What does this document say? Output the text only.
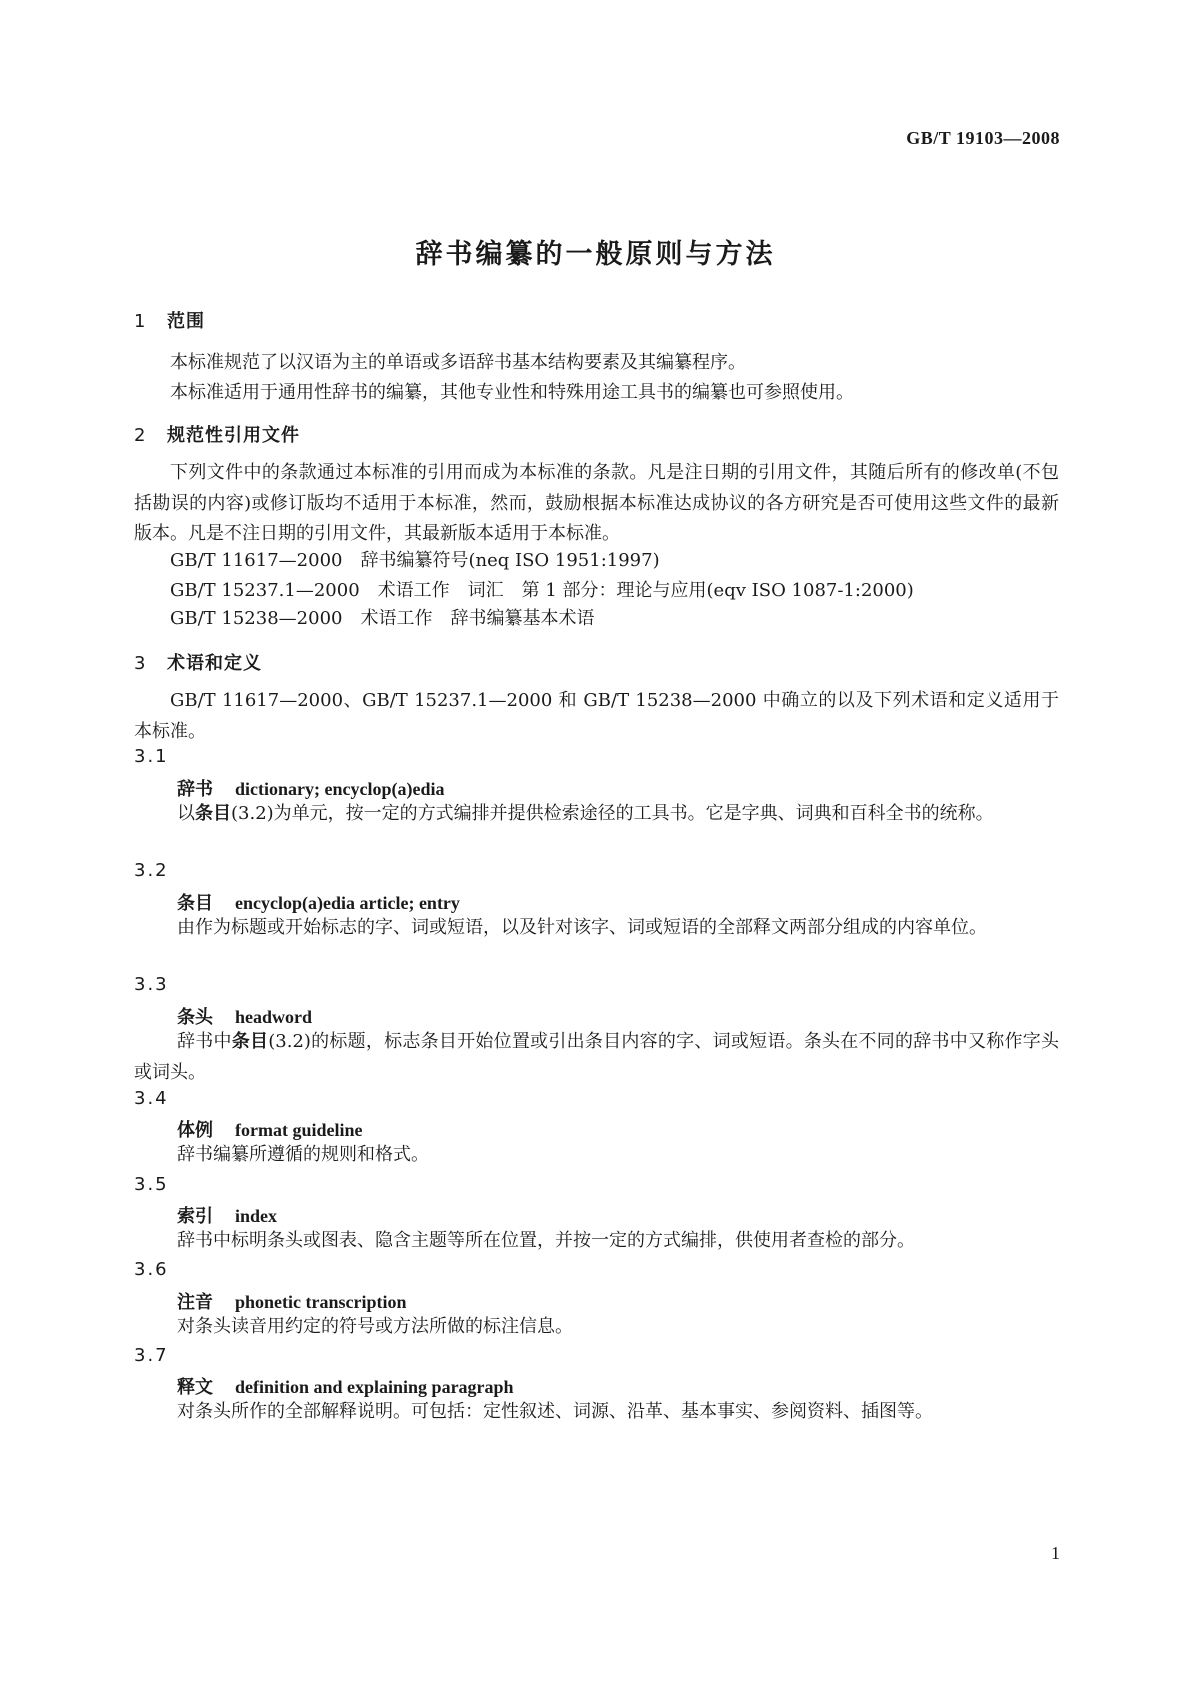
GB/T 19103—2008
辞书编纂的一般原则与方法
1 范围
本标准规范了以汉语为主的单语或多语辞书基本结构要素及其编纂程序。
本标准适用于通用性辞书的编纂，其他专业性和特殊用途工具书的编纂也可参照使用。
2 规范性引用文件
下列文件中的条款通过本标准的引用而成为本标准的条款。凡是注日期的引用文件，其随后所有的修改单(不包括勘误的内容)或修订版均不适用于本标准，然而，鼓励根据本标准达成协议的各方研究是否可使用这些文件的最新版本。凡是不注日期的引用文件，其最新版本适用于本标准。
GB/T 11617—2000　辞书编纂符号(neq ISO 1951:1997)
GB/T 15237.1—2000　术语工作　词汇　第 1 部分：理论与应用(eqv ISO 1087-1:2000)
GB/T 15238—2000　术语工作　辞书编纂基本术语
3 术语和定义
GB/T 11617—2000、GB/T 15237.1—2000 和 GB/T 15238—2000 中确立的以及下列术语和定义适用于本标准。
3.1
辞书 dictionary; encyclop(a)edia
以条目(3.2)为单元，按一定的方式编排并提供检索途径的工具书。它是字典、词典和百科全书的统称。
3.2
条目 encyclop(a)edia article; entry
由作为标题或开始标志的字、词或短语，以及针对该字、词或短语的全部释文两部分组成的内容单位。
3.3
条头 headword
辞书中条目(3.2)的标题，标志条目开始位置或引出条目内容的字、词或短语。条头在不同的辞书中又称作字头或词头。
3.4
体例 format guideline
辞书编纂所遵循的规则和格式。
3.5
索引 index
辞书中标明条头或图表、隐含主题等所在位置，并按一定的方式编排，供使用者查检的部分。
3.6
注音 phonetic transcription
对条头读音用约定的符号或方法所做的标注信息。
3.7
释文 definition and explaining paragraph
对条头所作的全部解释说明。可包括：定性叙述、词源、沿革、基本事实、参阅资料、插图等。
1
